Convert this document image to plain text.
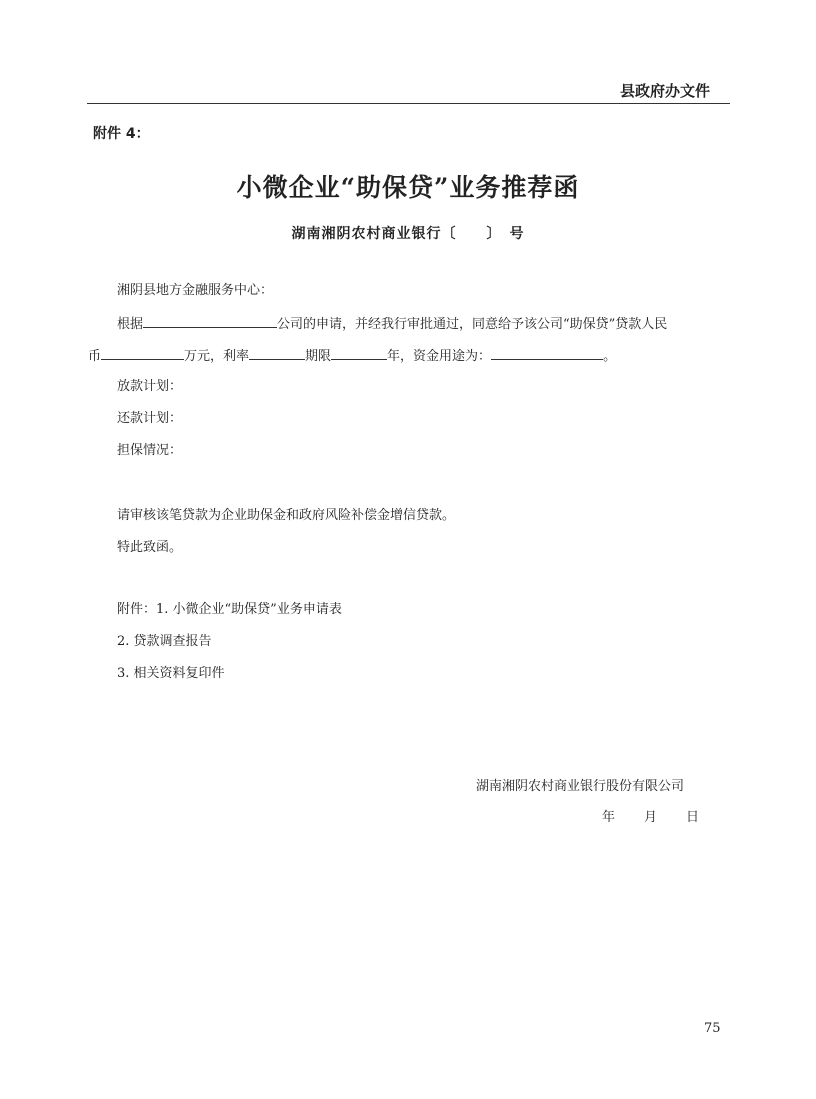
县政府办文件
附件 4：
小微企业“助保贷”业务推荐函
湖南湘阴农村商业银行〔　　〕　号
湘阴县地方金融服务中心：
根据	公司的申请，并经我行审批通过，同意给予该公司“助保贷”贷款人民
币	万元，利率	期限	年，资金用途为：	。
放款计划：
还款计划：
担保情况：
请审核该笔贷款为企业助保金和政府风险补偿金增信贷款。
特此致函。
附件：1. 小微企业“助保贷”业务申请表
2. 贷款调查报告
3. 相关资料复印件
湖南湘阴农村商业银行股份有限公司
年 月 日
75
